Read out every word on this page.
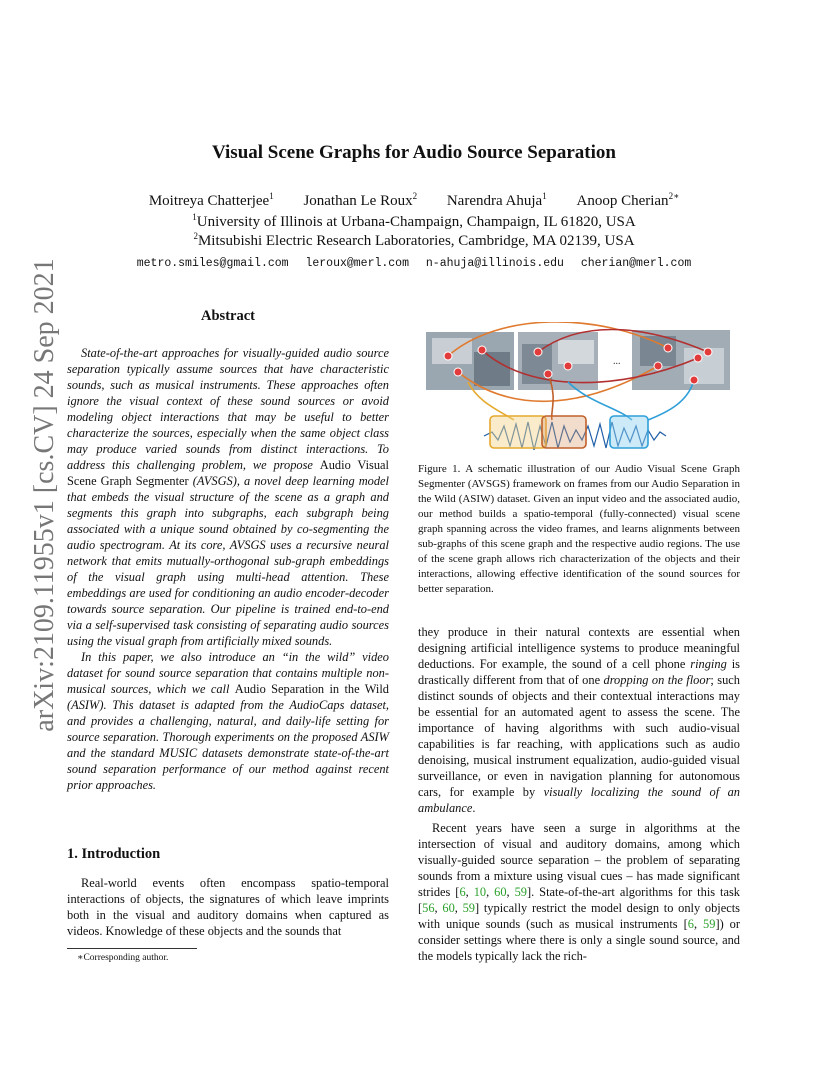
Visual Scene Graphs for Audio Source Separation
Moitreya Chatterjee$^1$ Jonathan Le Roux$^2$ Narendra Ahuja$^1$ Anoop Cherian$^{2∗}$
$^1$University of Illinois at Urbana-Champaign, Champaign, IL 61820, USA
$^2$Mitsubishi Electric Research Laboratories, Cambridge, MA 02139, USA
metro.smiles@gmail.com leroux@merl.com n-ahuja@illinois.edu cherian@merl.com
arXiv:2109.11955v1 [cs.CV] 24 Sep 2021	Abstract

State-of-the-art approaches for visually-guided audio source separation typically assume sources that have characteristic sounds, such as musical instruments. These approaches often ignore the visual context of these sound sources or avoid modeling object interactions that may be useful to better characterize the sources, especially when the same object class may produce varied sounds from distinct interactions. To address this challenging problem, we propose Audio Visual Scene Graph Segmenter (AVSGS), a novel deep learning model that embeds the visual structure of the scene as a graph and segments this graph into subgraphs, each subgraph being associated with a unique sound obtained by co-segmenting the audio spectrogram. At its core, AVSGS uses a recursive neural network that emits mutually-orthogonal sub-graph embeddings of the visual graph using multi-head attention. These embeddings are used for conditioning an audio encoder-decoder towards source separation. Our pipeline is trained end-to-end via a self-supervised task consisting of separating audio sources using the visual graph from artificially mixed sounds.

In this paper, we also introduce an “in the wild” video dataset for sound source separation that contains multiple non-musical sources, which we call Audio Separation in the Wild (ASIW). This dataset is adapted from the AudioCaps dataset, and provides a challenging, natural, and daily-life setting for source separation. Thorough experiments on the proposed ASIW and the standard MUSIC datasets demonstrate state-of-the-art sound separation performance of our method against recent prior approaches.

1. Introduction

Real-world events often encompass spatio-temporal interactions of objects, the signatures of which leave imprints both in the visual and auditory domains when captured as videos. Knowledge of these objects and the sounds that

∗Corresponding author.
...
Figure 1. A schematic illustration of our Audio Visual Scene Graph Segmenter (AVSGS) framework on frames from our Audio Separation in the Wild (ASIW) dataset. Given an input video and the associated audio, our method builds a spatio-temporal (fully-connected) visual scene graph spanning across the video frames, and learns alignments between sub-graphs of this scene graph and the respective audio regions. The use of the scene graph allows rich characterization of the objects and their interactions, allowing effective identification of the sound sources for better separation.

they produce in their natural contexts are essential when designing artificial intelligence systems to produce meaningful deductions. For example, the sound of a cell phone ringing is drastically different from that of one dropping on the floor; such distinct sounds of objects and their contextual interactions may be essential for an automated agent to assess the scene. The importance of having algorithms with such audio-visual capabilities is far reaching, with applications such as audio denoising, musical instrument equalization, audio-guided visual surveillance, or even in navigation planning for autonomous cars, for example by visually localizing the sound of an ambulance.

Recent years have seen a surge in algorithms at the intersection of visual and auditory domains, among which visually-guided source separation – the problem of separating sounds from a mixture using visual cues – has made significant strides [6, 10, 60, 59]. State-of-the-art algorithms for this task [56, 60, 59] typically restrict the model design to only objects with unique sounds (such as musical instruments [6, 59]) or consider settings where there is only a single sound source, and the models typically lack the rich-
